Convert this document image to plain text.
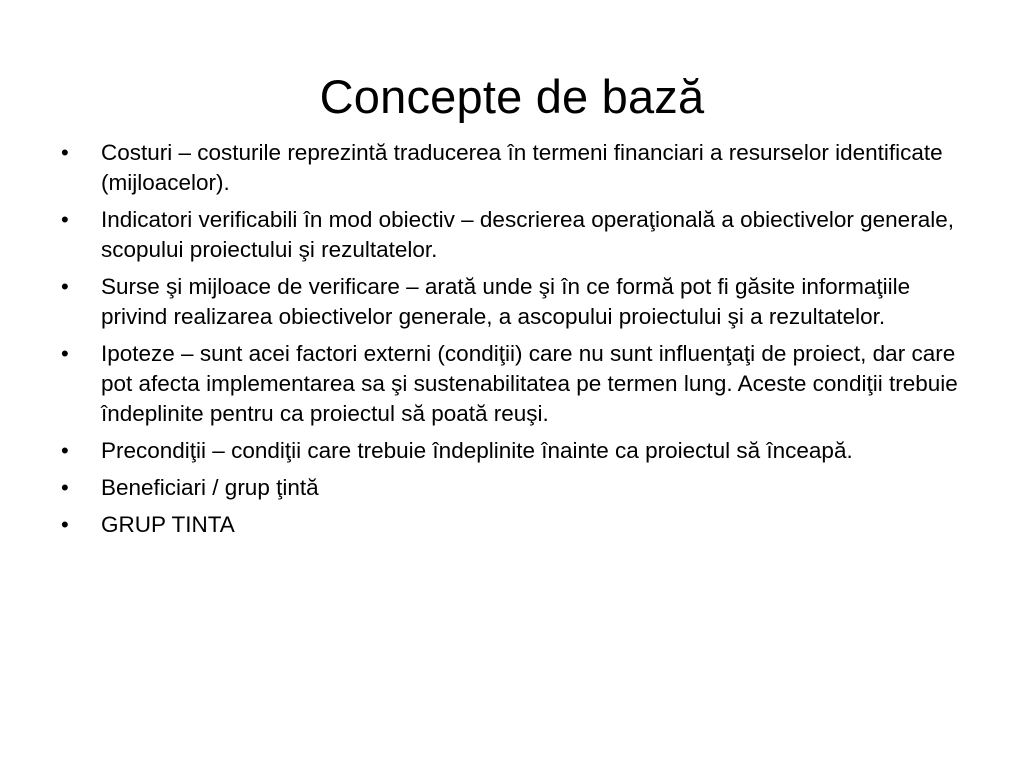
Concepte de bază
• Costuri – costurile reprezintă traducerea în termeni financiari a resurselor identificate (mijloacelor).
• Indicatori verificabili în mod obiectiv – descrierea operaţională a obiectivelor generale, scopului proiectului şi rezultatelor.
• Surse şi mijloace de verificare – arată unde şi în ce formă pot fi găsite informaţiile privind realizarea obiectivelor generale, a ascopului proiectului şi a rezultatelor.
• Ipoteze – sunt acei factori externi (condiţii) care nu sunt influenţaţi de proiect, dar care pot afecta implementarea sa şi sustenabilitatea pe termen lung. Aceste condiţii trebuie îndeplinite pentru ca proiectul să poată reuşi.
• Precondiţii – condiţii care trebuie îndeplinite înainte ca proiectul să înceapă.
• Beneficiari / grup ţintă
• GRUP TINTA
